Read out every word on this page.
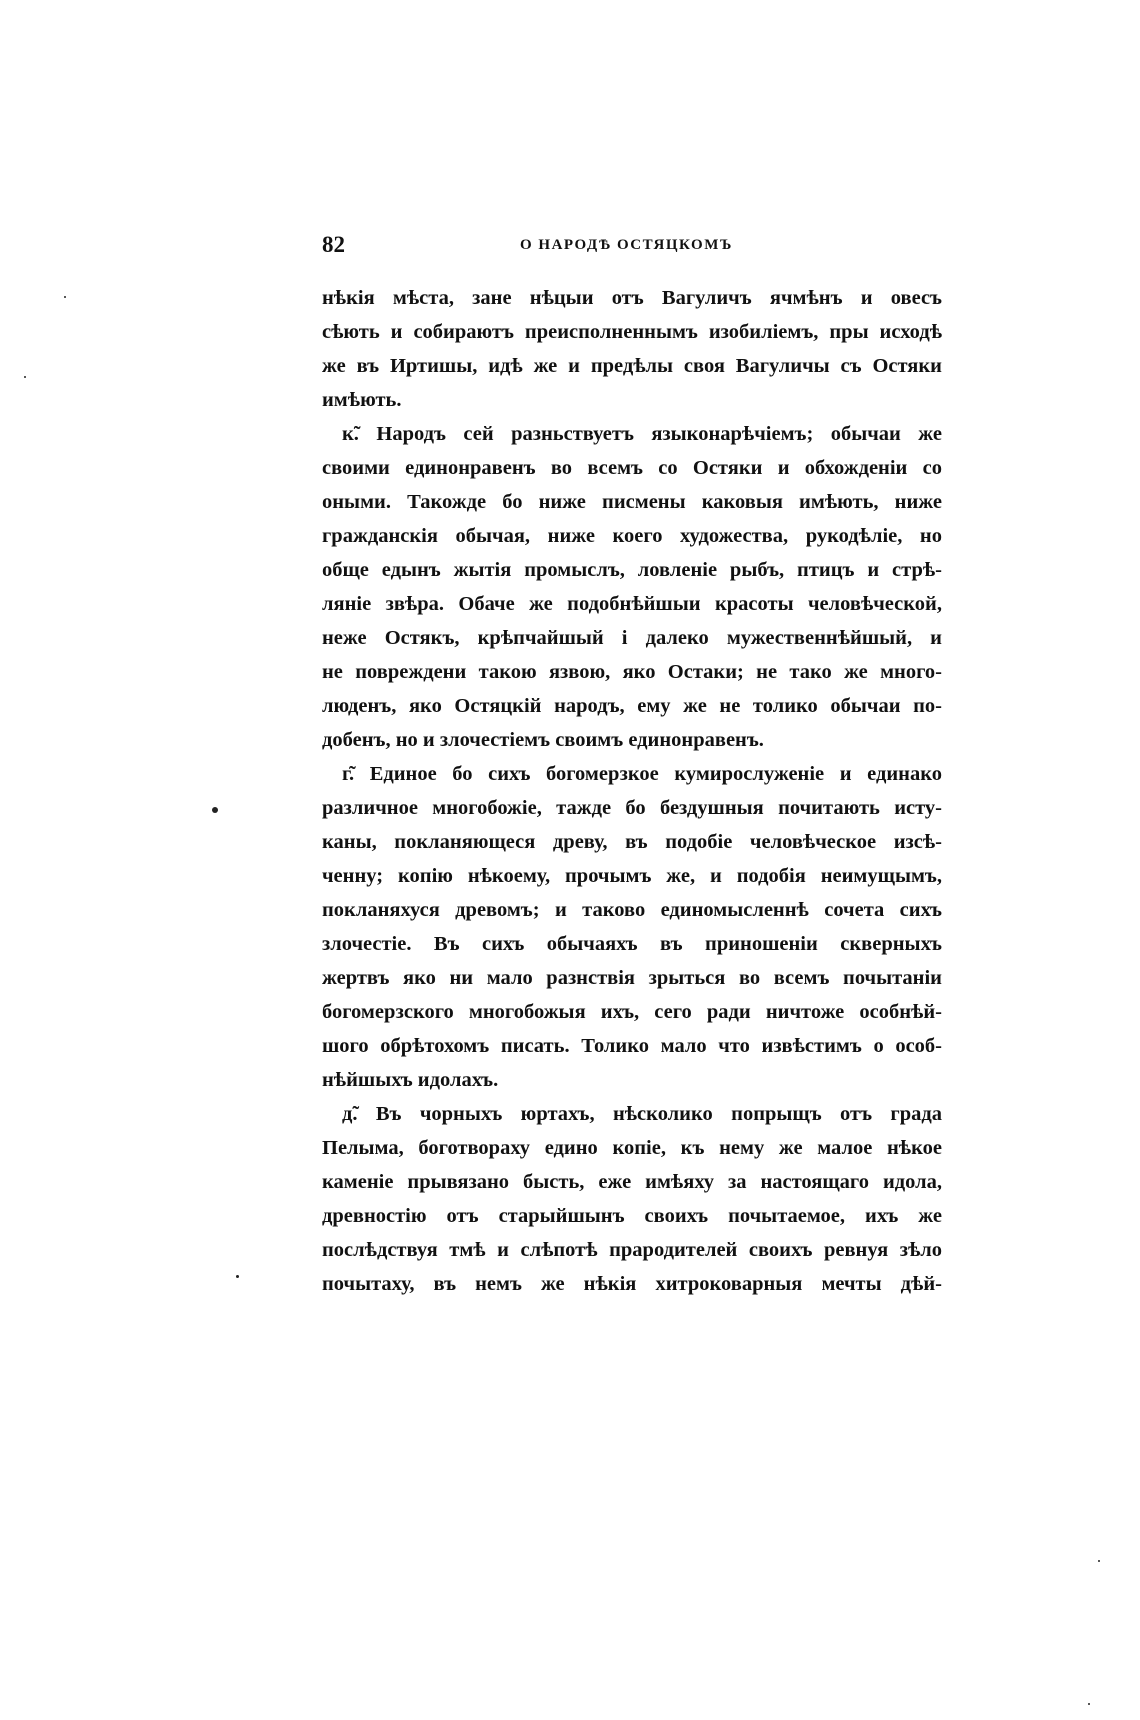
82	О НАРОДѢ ОСТЯЦКОМЪ
нѣкія мѣста, зане нѣцыи отъ Вагуличъ ячмѣнъ и овесъ
сѣють и собираютъ преисполненнымъ изобиліемъ, пры исходѣ
же въ Иртишы, идѣ же и предѣлы своя Вагуличы съ Остяки
имѣють.
к̃. Народъ сей разньствуетъ языконарѣчіемъ; обычаи же
своими единонравенъ во всемъ со Остяки и обхожденіи со
оными. Такожде бо ниже писмены каковыя имѣють, ниже
гражданскія обычая, ниже коего художества, рукодѣліе, но
обще едынъ жытія промыслъ, ловленіе рыбъ, птицъ и стрѣ-
ляніе звѣра. Обаче же подобнѣйшыи красоты человѣческой,
неже Остякъ, крѣпчайшый і далеко мужественнѣйшый, и
не повреждени такою язвою, яко Остаки; не тако же много-
люденъ, яко Остяцкій народъ, ему же не толико обычаи по-
добенъ, но и злочестіемъ своимъ единонравенъ.
г̃. Единое бо сихъ богомерзкое кумирослуженіе и единако
различное многобожіе, тажде бо бездушныя почитають исту-
каны, покланяющеся древу, въ подобіе человѣческое изсѣ-
ченну; копію нѣкоему, прочымъ же, и подобія неимущымъ,
покланяхуся древомъ; и таково единомысленнѣ сочета сихъ
злочестіе. Въ сихъ обычаяхъ въ приношеніи скверныхъ
жертвъ яко ни мало разнствія зрыться во всемъ почытаніи
богомерзского многобожыя ихъ, сего ради ничтоже особнѣй-
шого обрѣтохомъ писать. Толико мало что извѣстимъ о особ-
нѣйшыхъ идолахъ.
д̃. Въ чорныхъ юртахъ, нѣсколико попрыщъ отъ града
Пелыма, боготвораху едино копіе, къ нему же малое нѣкое
каменіе прывязано бысть, еже имѣяху за настоящаго идола,
древностію отъ старыйшынъ своихъ почытаемое, ихъ же
послѣдствуя тмѣ и слѣпотѣ прародителей своихъ ревнуя зѣло
почытаху, въ немъ же нѣкія хитроковарныя мечты дѣй-
